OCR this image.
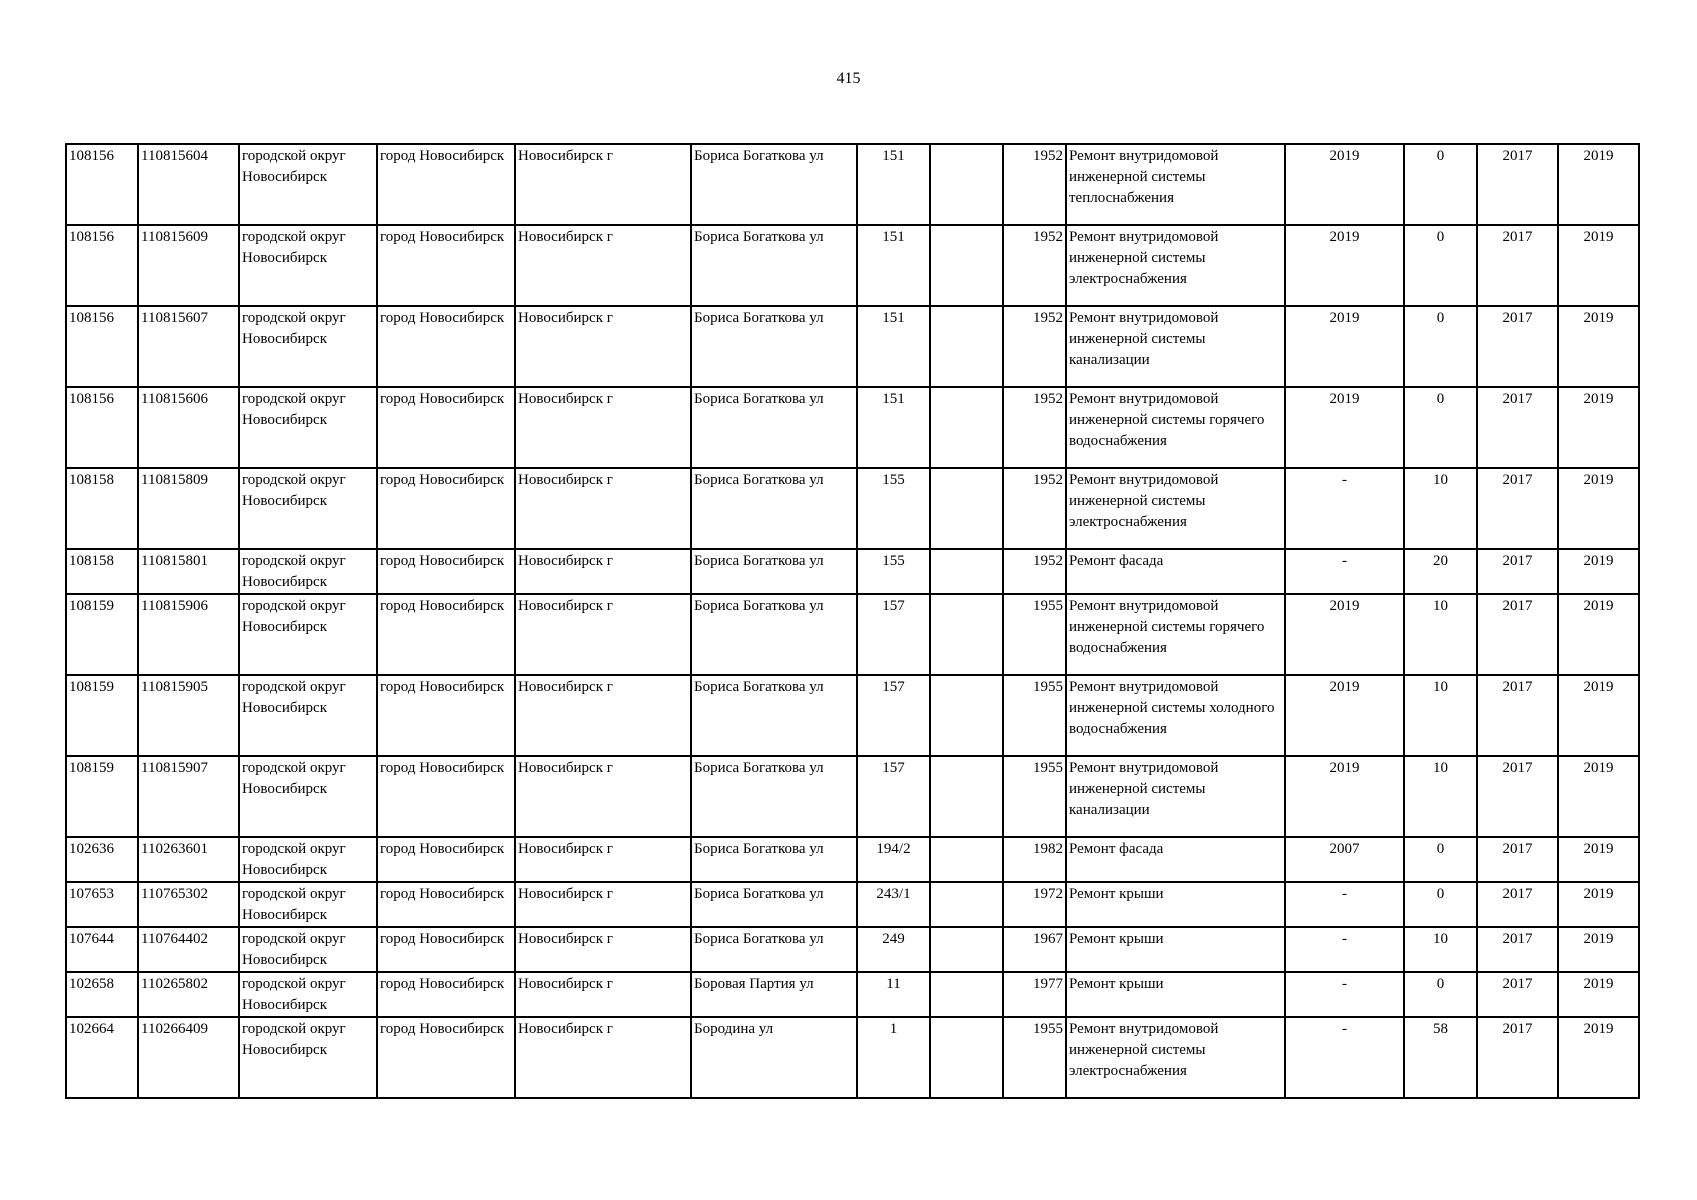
415
108156	110815604	городской округ Новосибирск	город Новосибирск	Новосибирск г	Бориса Богаткова ул	151		1952	Ремонт внутридомовой инженерной системы теплоснабжения	2019	0	2017	2019
108156	110815609	городской округ Новосибирск	город Новосибирск	Новосибирск г	Бориса Богаткова ул	151		1952	Ремонт внутридомовой инженерной системы электроснабжения	2019	0	2017	2019
108156	110815607	городской округ Новосибирск	город Новосибирск	Новосибирск г	Бориса Богаткова ул	151		1952	Ремонт внутридомовой инженерной системы канализации	2019	0	2017	2019
108156	110815606	городской округ Новосибирск	город Новосибирск	Новосибирск г	Бориса Богаткова ул	151		1952	Ремонт внутридомовой инженерной системы горячего водоснабжения	2019	0	2017	2019
108158	110815809	городской округ Новосибирск	город Новосибирск	Новосибирск г	Бориса Богаткова ул	155		1952	Ремонт внутридомовой инженерной системы электроснабжения	-	10	2017	2019
108158	110815801	городской округ Новосибирск	город Новосибирск	Новосибирск г	Бориса Богаткова ул	155		1952	Ремонт фасада	-	20	2017	2019
108159	110815906	городской округ Новосибирск	город Новосибирск	Новосибирск г	Бориса Богаткова ул	157		1955	Ремонт внутридомовой инженерной системы горячего водоснабжения	2019	10	2017	2019
108159	110815905	городской округ Новосибирск	город Новосибирск	Новосибирск г	Бориса Богаткова ул	157		1955	Ремонт внутридомовой инженерной системы холодного водоснабжения	2019	10	2017	2019
108159	110815907	городской округ Новосибирск	город Новосибирск	Новосибирск г	Бориса Богаткова ул	157		1955	Ремонт внутридомовой инженерной системы канализации	2019	10	2017	2019
102636	110263601	городской округ Новосибирск	город Новосибирск	Новосибирск г	Бориса Богаткова ул	194/2		1982	Ремонт фасада	2007	0	2017	2019
107653	110765302	городской округ Новосибирск	город Новосибирск	Новосибирск г	Бориса Богаткова ул	243/1		1972	Ремонт крыши	-	0	2017	2019
107644	110764402	городской округ Новосибирск	город Новосибирск	Новосибирск г	Бориса Богаткова ул	249		1967	Ремонт крыши	-	10	2017	2019
102658	110265802	городской округ Новосибирск	город Новосибирск	Новосибирск г	Боровая Партия ул	11		1977	Ремонт крыши	-	0	2017	2019
102664	110266409	городской округ Новосибирск	город Новосибирск	Новосибирск г	Бородина ул	1		1955	Ремонт внутридомовой инженерной системы электроснабжения	-	58	2017	2019
